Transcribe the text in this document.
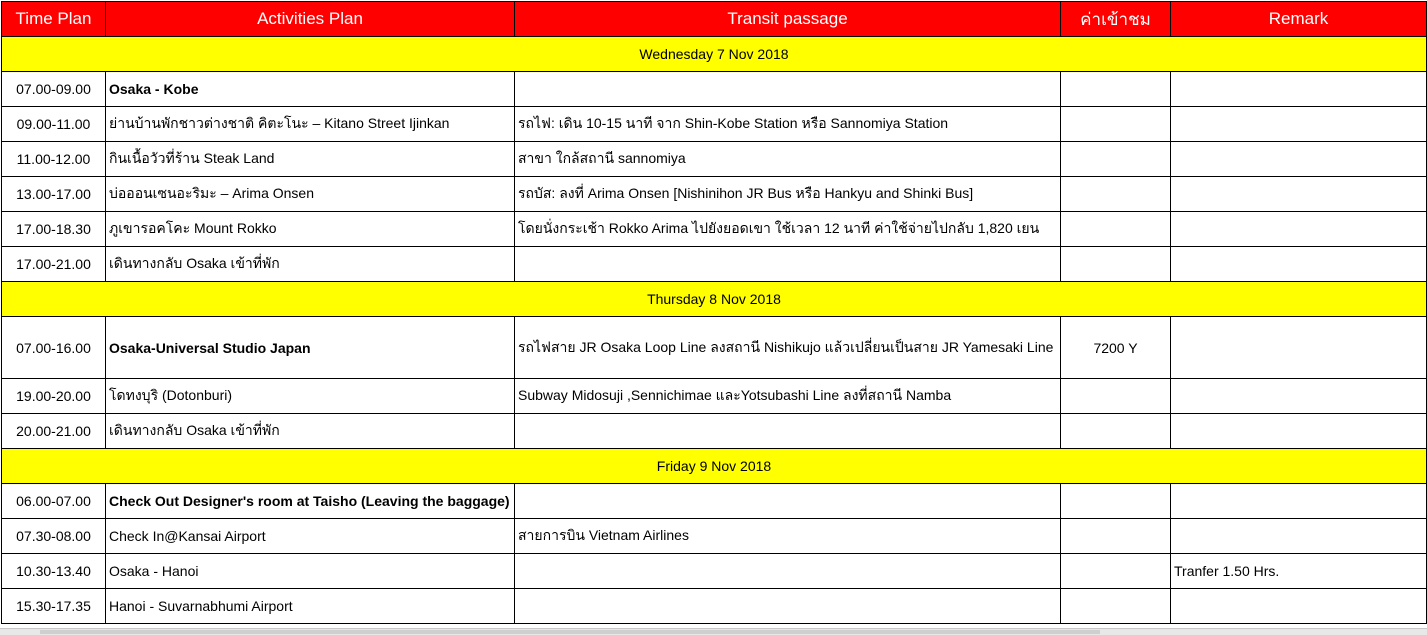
Time Plan	Activities Plan	Transit passage	ค่าเข้าชม	Remark
Wednesday 7 Nov 2018				
07.00-09.00	Osaka - Kobe			
09.00-11.00	ย่านบ้านพักชาวต่างชาติ คิตะโนะ – Kitano Street Ijinkan	รถไฟ: เดิน 10-15 นาที จาก Shin-Kobe Station หรือ Sannomiya Station		
11.00-12.00	กินเนื้อวัวที่ร้าน Steak Land	สาขา ใกล้สถานี sannomiya		
13.00-17.00	บ่อออนเซนอะริมะ – Arima Onsen	รถบัส: ลงที่ Arima Onsen [Nishinihon JR Bus หรือ Hankyu and Shinki Bus]		
17.00-18.30	ภูเขารอคโคะ Mount Rokko	โดยนั่งกระเช้า Rokko Arima ไปยังยอดเขา ใช้เวลา 12 นาที ค่าใช้จ่ายไปกลับ 1,820 เยน		
17.00-21.00	เดินทางกลับ Osaka เข้าที่พัก			
Thursday 8 Nov 2018				
07.00-16.00	Osaka-Universal Studio Japan	รถไฟสาย JR Osaka Loop Line ลงสถานี Nishikujo แล้วเปลี่ยนเป็นสาย JR Yamesaki Line	7200 Y	
19.00-20.00	โดทงบุริ (Dotonburi)	Subway Midosuji ,Sennichimae และYotsubashi Line ลงที่สถานี Namba		
20.00-21.00	เดินทางกลับ Osaka เข้าที่พัก			
Friday 9 Nov 2018				
06.00-07.00	Check Out Designer's room at Taisho (Leaving the baggage)			
07.30-08.00	Check In@Kansai Airport	สายการบิน Vietnam Airlines		
10.30-13.40	Osaka - Hanoi			Tranfer 1.50 Hrs.
15.30-17.35	Hanoi - Suvarnabhumi Airport			
